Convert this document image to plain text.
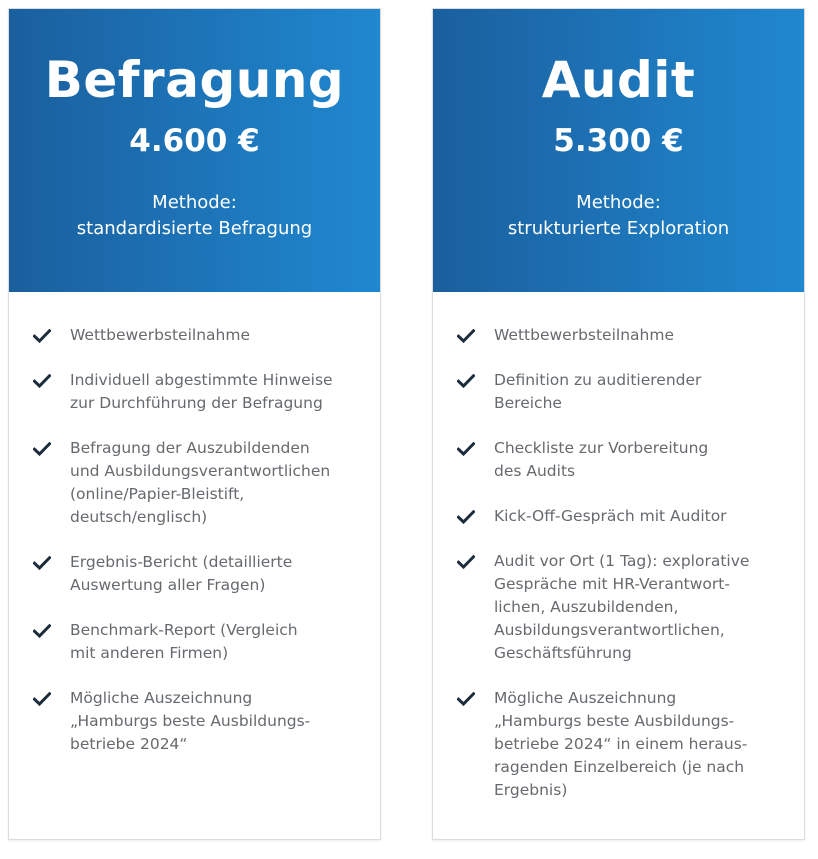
Befragung
4.600 €
Methode:
standardisierte Befragung
Wettbewerbsteilnahme
Individuell abgestimmte Hinweise
zur Durchführung der Befragung
Befragung der Auszubildenden
und Ausbildungsverantwortlichen
(online/Papier-Bleistift,
deutsch/englisch)
Ergebnis-Bericht (detaillierte
Auswertung aller Fragen)
Benchmark-Report (Vergleich
mit anderen Firmen)
Mögliche Auszeichnung
„Hamburgs beste Ausbildungs-
betriebe 2024“
Audit
5.300 €
Methode:
strukturierte Exploration
Wettbewerbsteilnahme
Definition zu auditierender
Bereiche
Checkliste zur Vorbereitung
des Audits
Kick-Off-Gespräch mit Auditor
Audit vor Ort (1 Tag): explorative
Gespräche mit HR-Verantwort-
lichen, Auszubildenden,
Ausbildungsverantwortlichen,
Geschäftsführung
Mögliche Auszeichnung
„Hamburgs beste Ausbildungs-
betriebe 2024“ in einem heraus-
ragenden Einzelbereich (je nach
Ergebnis)
